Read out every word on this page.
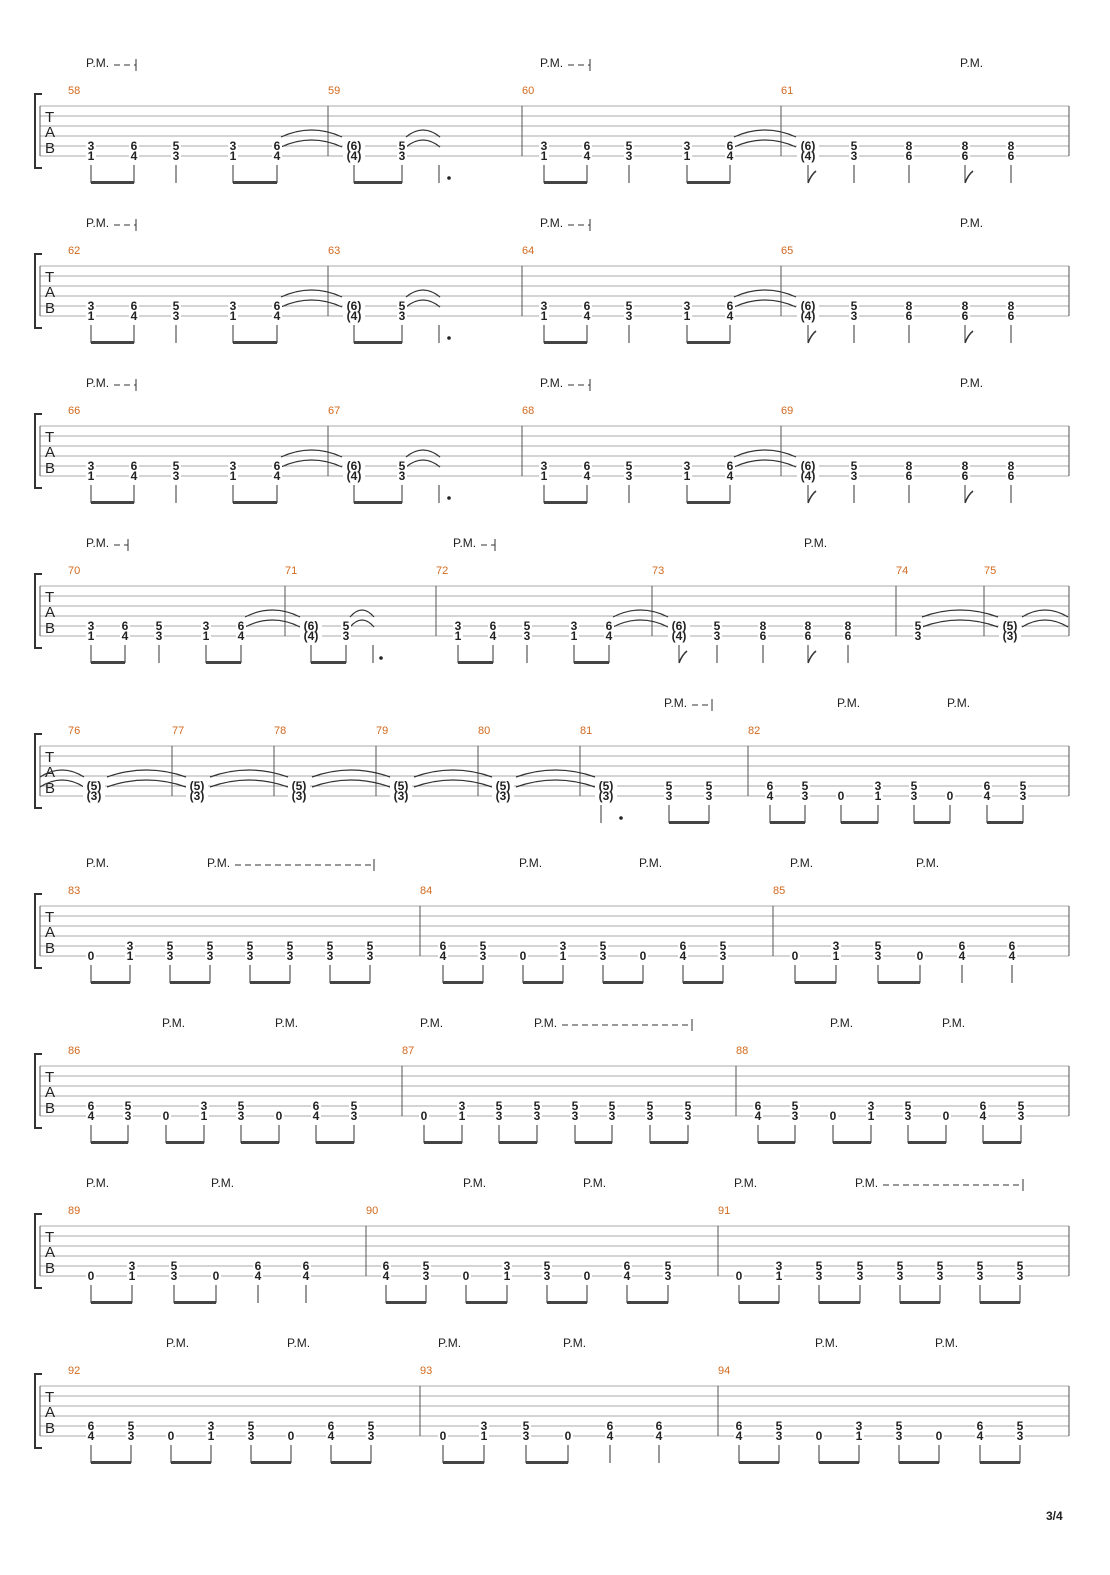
T
A
B
58	59	60	61
P.M.	P.M.	P.M.
3
1
6
4
5
3
3
1
6
4
(6)
(4)
5
3
3
1
6
4
5
3
3
1
6
4
(6)
(4)
5
3
8
6
8
6
8
6
T
A
B
62	63	64	65
P.M.	P.M.	P.M.
3
1
6
4
5
3
3
1
6
4
(6)
(4)
5
3
3
1
6
4
5
3
3
1
6
4
(6)
(4)
5
3
8
6
8
6
8
6
T
A
B
66	67	68	69
P.M.	P.M.	P.M.
3
1
6
4
5
3
3
1
6
4
(6)
(4)
5
3
3
1
6
4
5
3
3
1
6
4
(6)
(4)
5
3
8
6
8
6
8
6
T
A
B
70	71	72	73	74	75
P.M.	P.M.	P.M.
3
1
6
4
5
3
3
1
6
4
(6)
(4)
5
3
3
1
6
4
5
3
3
1
6
4
(6)
(4)
5
3
8
6
8
6
8
6
5
3
(5)
(3)
T
A
B
76	77	78	79	80	81	82
P.M.	P.M.	P.M.
(5)
(3)
(5)
(3)
(5)
(3)
(5)
(3)
(5)
(3)
(5)
(3)
5
3
5
3
6
4
5
3 0
3
1
5
3 0
6
4
5
3
T
A
B
83	84	85
P.M.	P.M.	P.M.	P.M.	P.M.	P.M.
0
3
1
5
3
5
3
5
3
5
3
5
3
5
3
6
4
5
3	0
3
1
5
3	0
6
4
5
3	0
3
1
5
3	0
6
4
6
4
T
A
B
86	87	88
P.M.	P.M.	P.M.	P.M.	P.M.	P.M.
6
4
5
3	0
3
1
5
3	0
6
4
5
3	0
3
1
5
3
5
3
5
3
5
3
5
3
5
3
6
4
5
3	0
3
1
5
3	0
6
4
5
3
T
A
B
89	90	91
P.M.	P.M.	P.M.	P.M.	P.M.	P.M.
0
3
1
5
3	0
6
4
6
4
6
4
5
3	0
3
1
5
3	0
6
4
5
3	0
3
1
5
3
5
3
5
3
5
3
5
3
5
3
T
A
B
92	93	94
P.M.	P.M.	P.M.	P.M.	P.M.	P.M.
6
4
5
3	0
3
1
5
3	0
6
4
5
3	0
3
1
5
3	0
6
4
6
4
6
4
5
3	0
3
1
5
3	0
6
4
5
3
3/4
